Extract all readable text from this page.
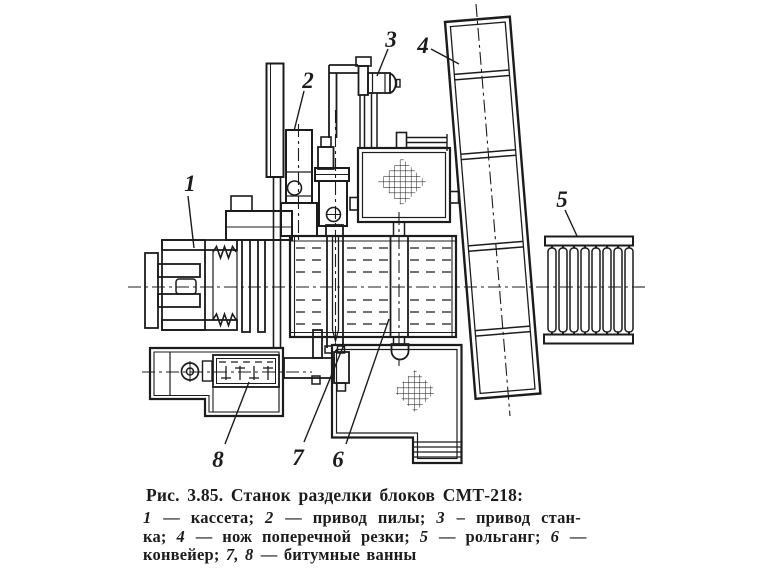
1
2
3 4
5
6
7
8
Рис. 3.85. Станок разделки блоков СМТ-218:
1 — кассета; 2 — привод пилы; 3 – привод стан-
ка; 4 — нож поперечной резки; 5 — рольганг; 6 —
конвейер; 7, 8 — битумные ванны
